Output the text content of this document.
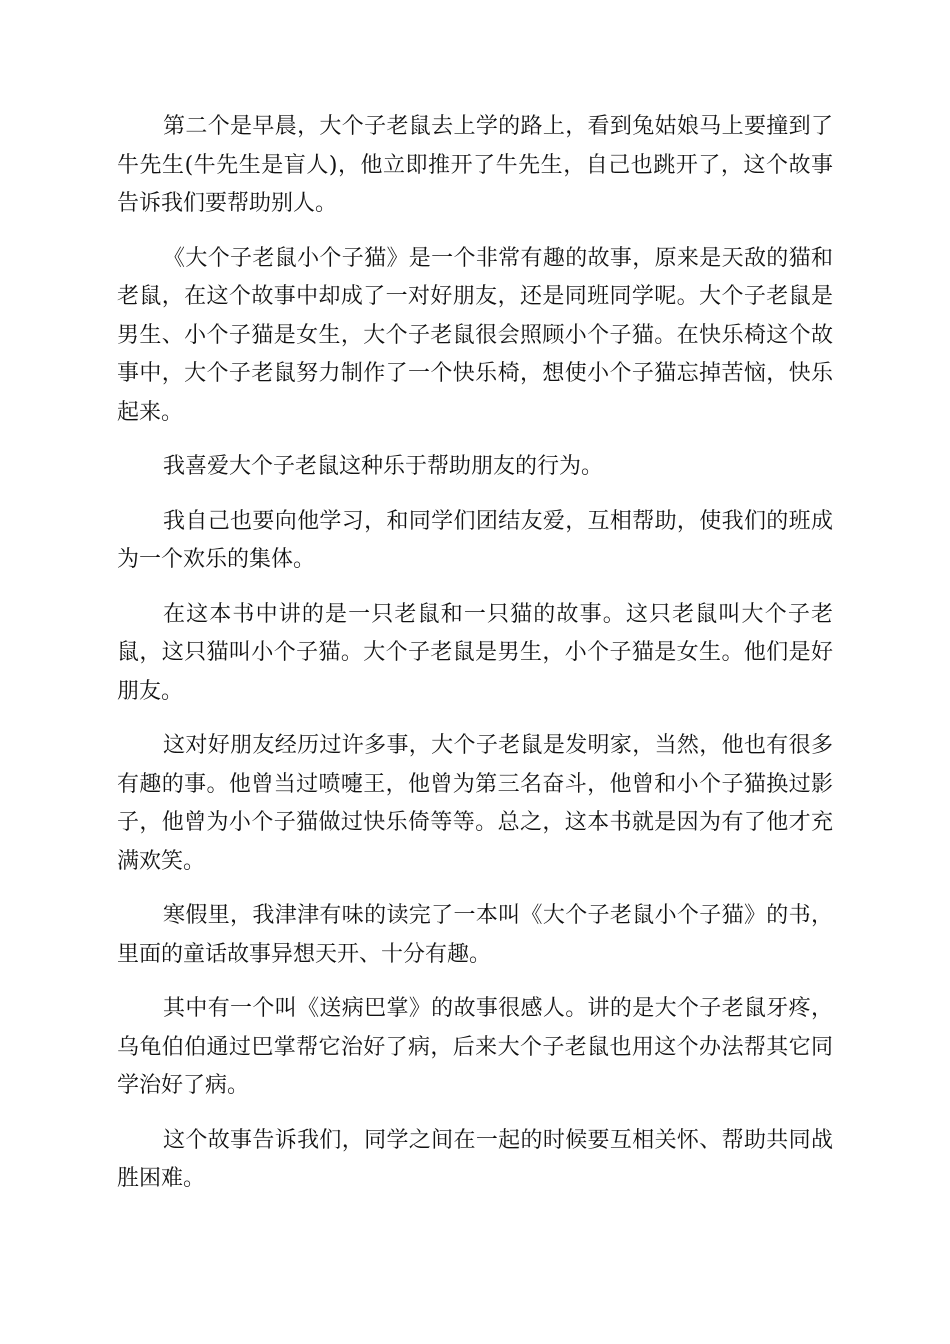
第二个是早晨，大个子老鼠去上学的路上，看到兔姑娘马上要撞到了牛先生(牛先生是盲人)，他立即推开了牛先生，自己也跳开了，这个故事告诉我们要帮助别人。

《大个子老鼠小个子猫》是一个非常有趣的故事，原来是天敌的猫和老鼠，在这个故事中却成了一对好朋友，还是同班同学呢。大个子老鼠是男生、小个子猫是女生，大个子老鼠很会照顾小个子猫。在快乐椅这个故事中，大个子老鼠努力制作了一个快乐椅，想使小个子猫忘掉苦恼，快乐起来。

我喜爱大个子老鼠这种乐于帮助朋友的行为。

我自己也要向他学习，和同学们团结友爱，互相帮助，使我们的班成为一个欢乐的集体。

在这本书中讲的是一只老鼠和一只猫的故事。这只老鼠叫大个子老鼠，这只猫叫小个子猫。大个子老鼠是男生，小个子猫是女生。他们是好朋友。

这对好朋友经历过许多事，大个子老鼠是发明家，当然，他也有很多有趣的事。他曾当过喷嚏王，他曾为第三名奋斗，他曾和小个子猫换过影子，他曾为小个子猫做过快乐倚等等。总之，这本书就是因为有了他才充满欢笑。

寒假里，我津津有味的读完了一本叫《大个子老鼠小个子猫》的书，里面的童话故事异想天开、十分有趣。

其中有一个叫《送病巴掌》的故事很感人。讲的是大个子老鼠牙疼，乌龟伯伯通过巴掌帮它治好了病，后来大个子老鼠也用这个办法帮其它同学治好了病。

这个故事告诉我们，同学之间在一起的时候要互相关怀、帮助共同战胜困难。
